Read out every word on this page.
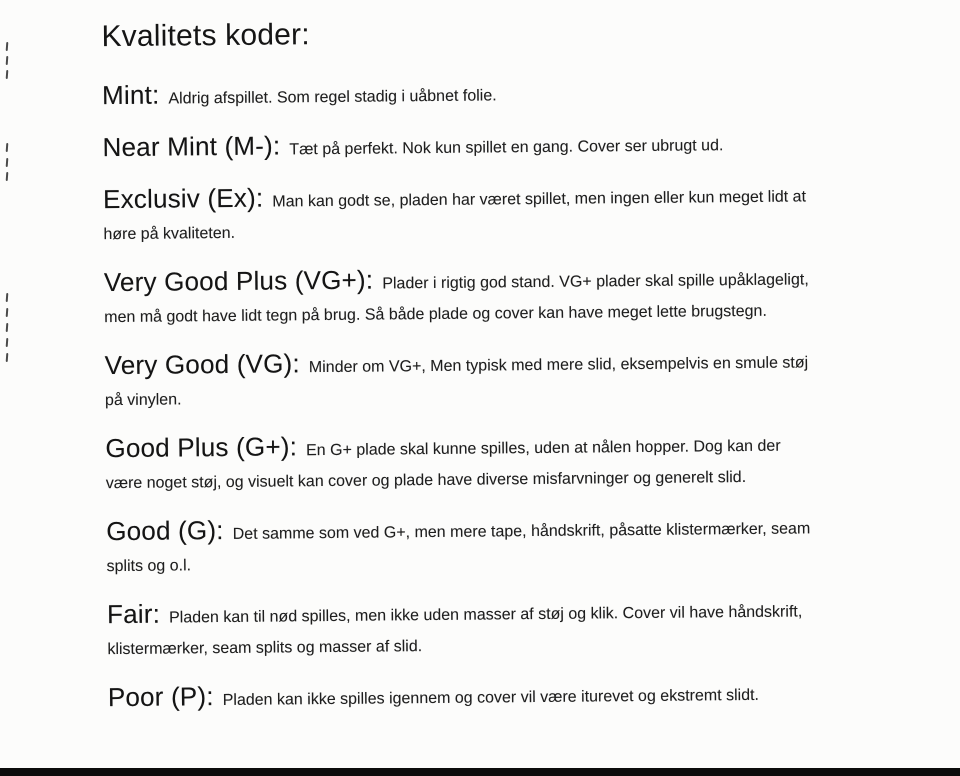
Kvalitets koder:

Mint: Aldrig afspillet. Som regel stadig i uåbnet folie.

Near Mint (M-): Tæt på perfekt. Nok kun spillet en gang. Cover ser ubrugt ud.

Exclusiv (Ex): Man kan godt se, pladen har været spillet, men ingen eller kun meget lidt at høre på kvaliteten.

Very Good Plus (VG+): Plader i rigtig god stand. VG+ plader skal spille upåklageligt, men må godt have lidt tegn på brug. Så både plade og cover kan have meget lette brugstegn.

Very Good (VG): Minder om VG+, Men typisk med mere slid, eksempelvis en smule støj på vinylen.

Good Plus (G+): En G+ plade skal kunne spilles, uden at nålen hopper. Dog kan der være noget støj, og visuelt kan cover og plade have diverse misfarvninger og generelt slid.

Good (G): Det samme som ved G+, men mere tape, håndskrift, påsatte klistermærker, seam splits og o.l.

Fair: Pladen kan til nød spilles, men ikke uden masser af støj og klik. Cover vil have håndskrift, klistermærker, seam splits og masser af slid.

Poor (P): Pladen kan ikke spilles igennem og cover vil være iturevet og ekstremt slidt.
